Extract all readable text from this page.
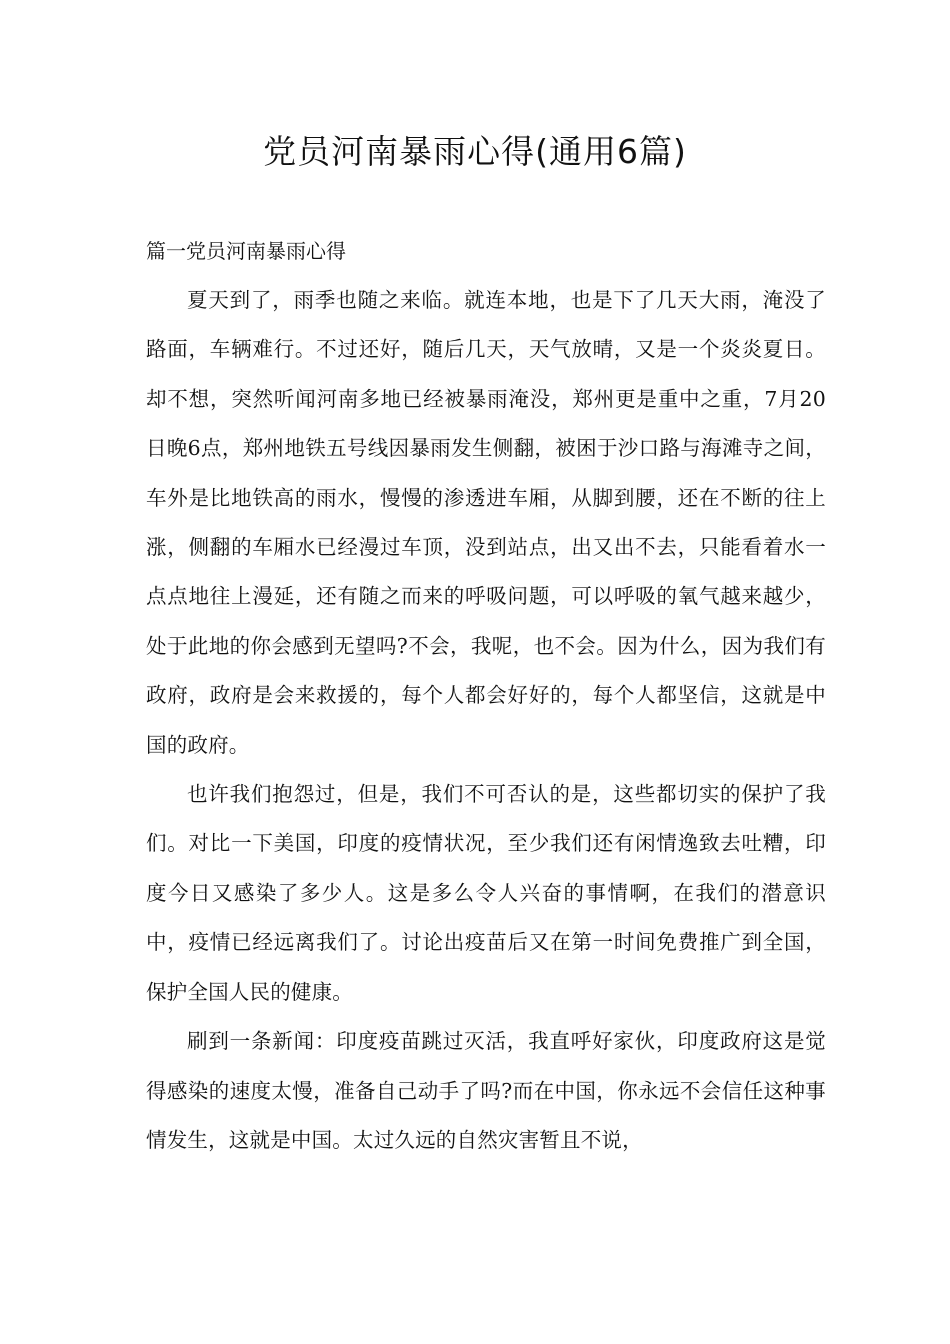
党员河南暴雨心得(通用6篇)
篇一党员河南暴雨心得

夏天到了，雨季也随之来临。就连本地，也是下了几天大雨，淹没了路面，车辆难行。不过还好，随后几天，天气放晴，又是一个炎炎夏日。却不想，突然听闻河南多地已经被暴雨淹没，郑州更是重中之重，7月20日晚6点，郑州地铁五号线因暴雨发生侧翻，被困于沙口路与海滩寺之间，车外是比地铁高的雨水，慢慢的渗透进车厢，从脚到腰，还在不断的往上涨，侧翻的车厢水已经漫过车顶，没到站点，出又出不去，只能看着水一点点地往上漫延，还有随之而来的呼吸问题，可以呼吸的氧气越来越少，处于此地的你会感到无望吗?不会，我呢，也不会。因为什么，因为我们有政府，政府是会来救援的，每个人都会好好的，每个人都坚信，这就是中国的政府。

也许我们抱怨过，但是，我们不可否认的是，这些都切实的保护了我们。对比一下美国，印度的疫情状况，至少我们还有闲情逸致去吐糟，印度今日又感染了多少人。这是多么令人兴奋的事情啊，在我们的潜意识中，疫情已经远离我们了。讨论出疫苗后又在第一时间免费推广到全国，保护全国人民的健康。

刷到一条新闻：印度疫苗跳过灭活，我直呼好家伙，印度政府这是觉得感染的速度太慢，准备自己动手了吗?而在中国，你永远不会信任这种事情发生，这就是中国。太过久远的自然灾害暂且不说，
